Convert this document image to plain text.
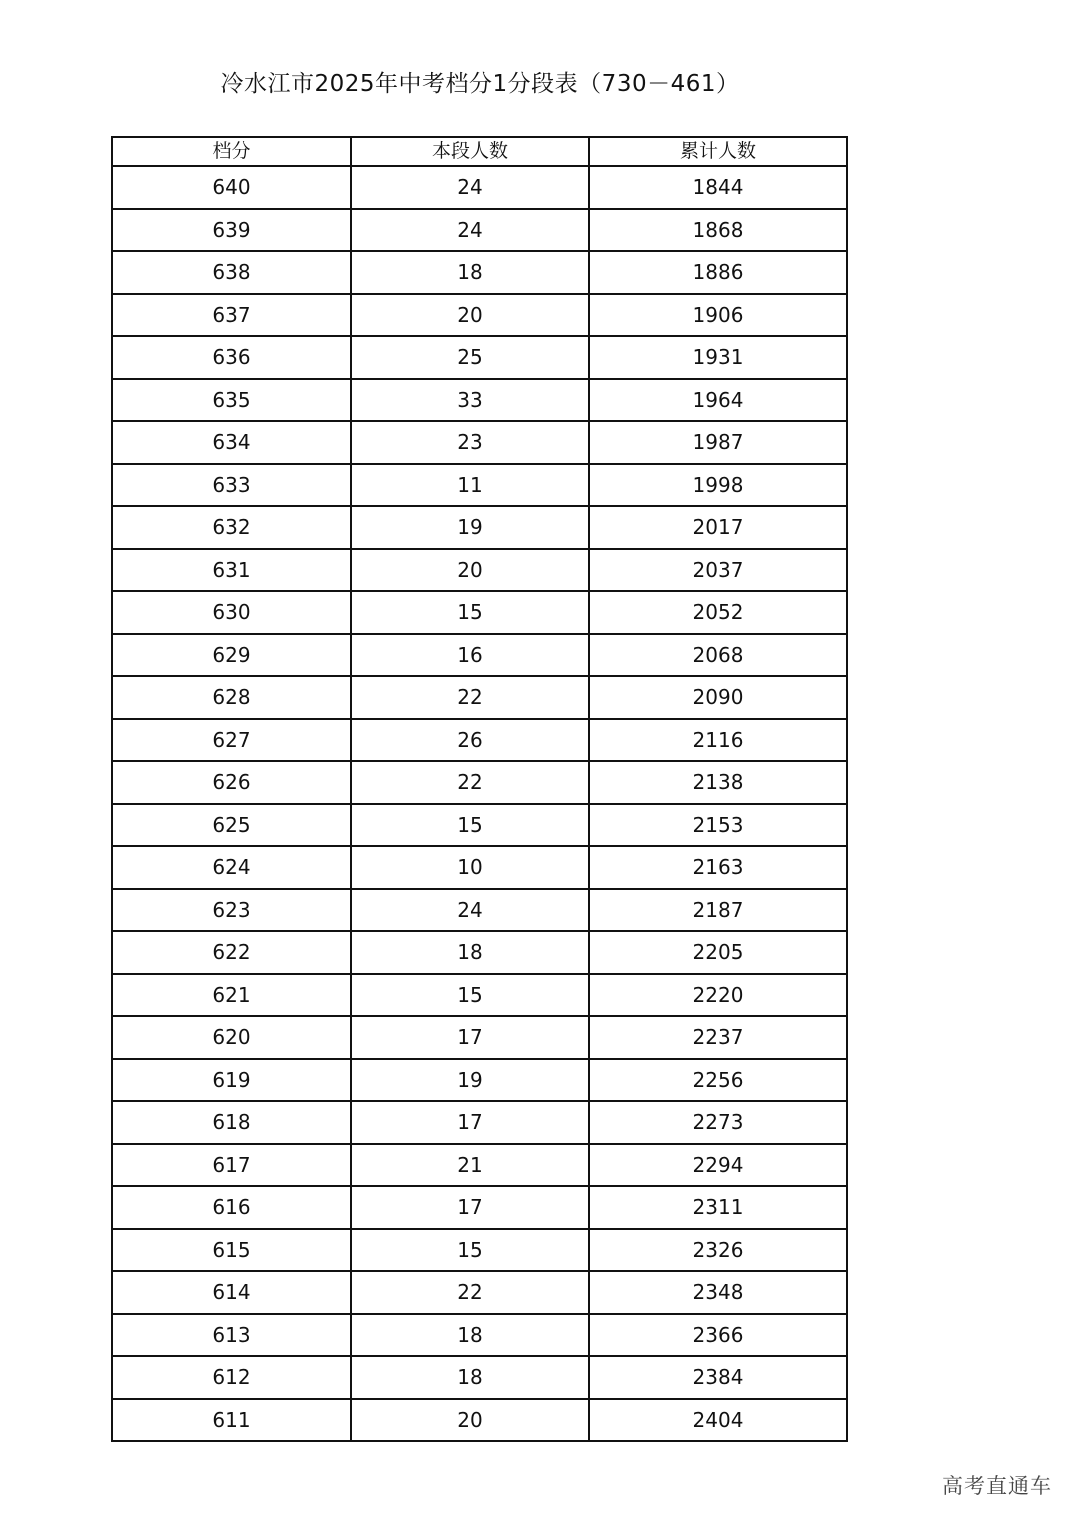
冷水江市2025年中考档分1分段表（730－461）
档分	本段人数	累计人数
640	24	1844
639	24	1868
638	18	1886
637	20	1906
636	25	1931
635	33	1964
634	23	1987
633	11	1998
632	19	2017
631	20	2037
630	15	2052
629	16	2068
628	22	2090
627	26	2116
626	22	2138
625	15	2153
624	10	2163
623	24	2187
622	18	2205
621	15	2220
620	17	2237
619	19	2256
618	17	2273
617	21	2294
616	17	2311
615	15	2326
614	22	2348
613	18	2366
612	18	2384
611	20	2404
高考直通车
